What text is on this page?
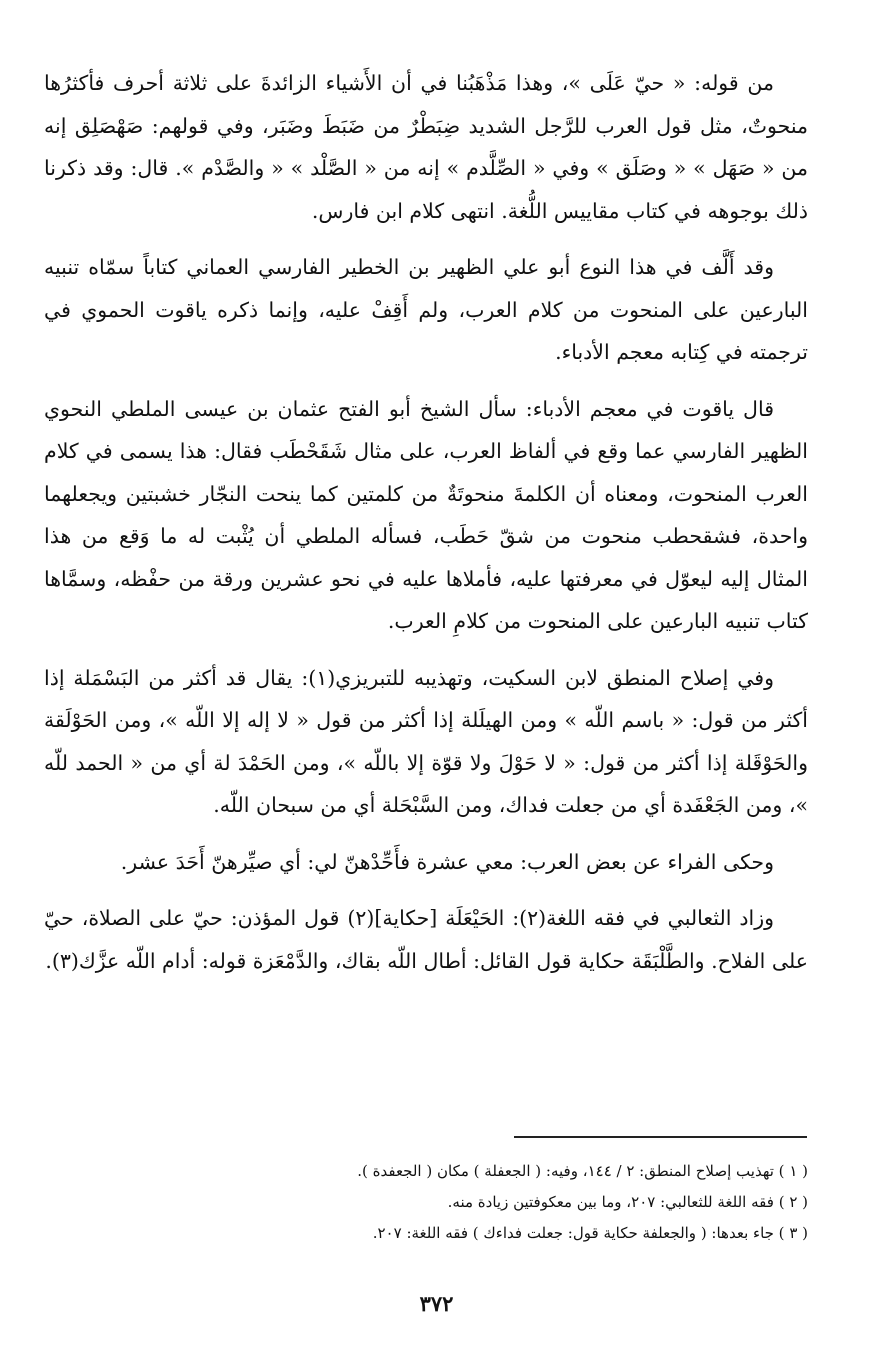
من قوله: « حيّ عَلَى »، وهذا مَذْهَبُنا في أن الأَشياء الزائدةَ على ثلاثة أحرف فأكثرُها منحوتٌ، مثل قول العرب للرَّجل الشديد ضِبَطْرٌ من ضَبَطَ وضَبَر، وفي قولهم: صَهْصَلِق إنه من « صَهَل » « وصَلَق » وفي « الصِّلَّدم » إنه من « الصَّلْد » « والصَّدْم ». قال: وقد ذكرنا ذلك بوجوهه في كتاب مقاييس اللُّغة. انتهى كلام ابن فارس.

وقد أَلَّف في هذا النوع أبو علي الظهير بن الخطير الفارسي العماني كتاباً سمّاه تنبيه البارعين على المنحوت من كلام العرب، ولم أَقِفْ عليه، وإنما ذكره ياقوت الحموي في ترجمته في كِتابه معجم الأدباء.

قال ياقوت في معجم الأدباء: سأل الشيخ أبو الفتح عثمان بن عيسى الملطي النحوي الظهير الفارسي عما وقع في ألفاظ العرب، على مثال شَقَحْطَب فقال: هذا يسمى في كلام العرب المنحوت، ومعناه أن الكلمةَ منحوتَةٌ من كلمتين كما ينحت النجّار خشبتين ويجعلهما واحدة، فشقحطب منحوت من شقّ حَطَب، فسأله الملطي أن يُثْبت له ما وَقع من هذا المثال إليه ليعوّل في معرفتها عليه، فأملاها عليه في نحو عشرين ورقة من حفْظه، وسمَّاها كتاب تنبيه البارعين على المنحوت من كلامِ العرب.

وفي إصلاح المنطق لابن السكيت، وتهذيبه للتبريزي(١): يقال قد أكثر من البَسْمَلة إذا أكثر من قول: « باسم اللّه » ومن الهيلَلة إذا أكثر من قول « لا إله إلا اللّه »، ومن الحَوْلَقة والحَوْقَلة إذا أكثر من قول: « لا حَوْلَ ولا قوّة إلا باللّه »، ومن الحَمْدَ لة أي من « الحمد للّه »، ومن الجَعْفَدة أي من جعلت فداك، ومن السَّبْحَلة أي من سبحان اللّه.

وحكى الفراء عن بعض العرب: معي عشرة فأَحِّدْهنّ لي: أي صيِّرهنّ أَحَدَ عشر.

وزاد الثعالبي في فقه اللغة(٢): الحَيْعَلَة [حكاية](٢) قول المؤذن: حيّ على الصلاة، حيّ على الفلاح. والطَّلْبَقَة حكاية قول القائل: أطال اللّه بقاك، والدَّمْعَزة قوله: أدام اللّه عزَّك(٣).

( ١ ) تهذيب إصلاح المنطق: ٢ / ١٤٤، وفيه: ( الجعفلة ) مكان ( الجعفدة ).

( ٢ ) فقه اللغة للثعالبي: ٢٠٧، وما بين معكوفتين زيادة منه.

( ٣ ) جاء بعدها: ( والجعلفة حكاية قول: جعلت فداءك ) فقه اللغة: ٢٠٧.

٣٧٢
